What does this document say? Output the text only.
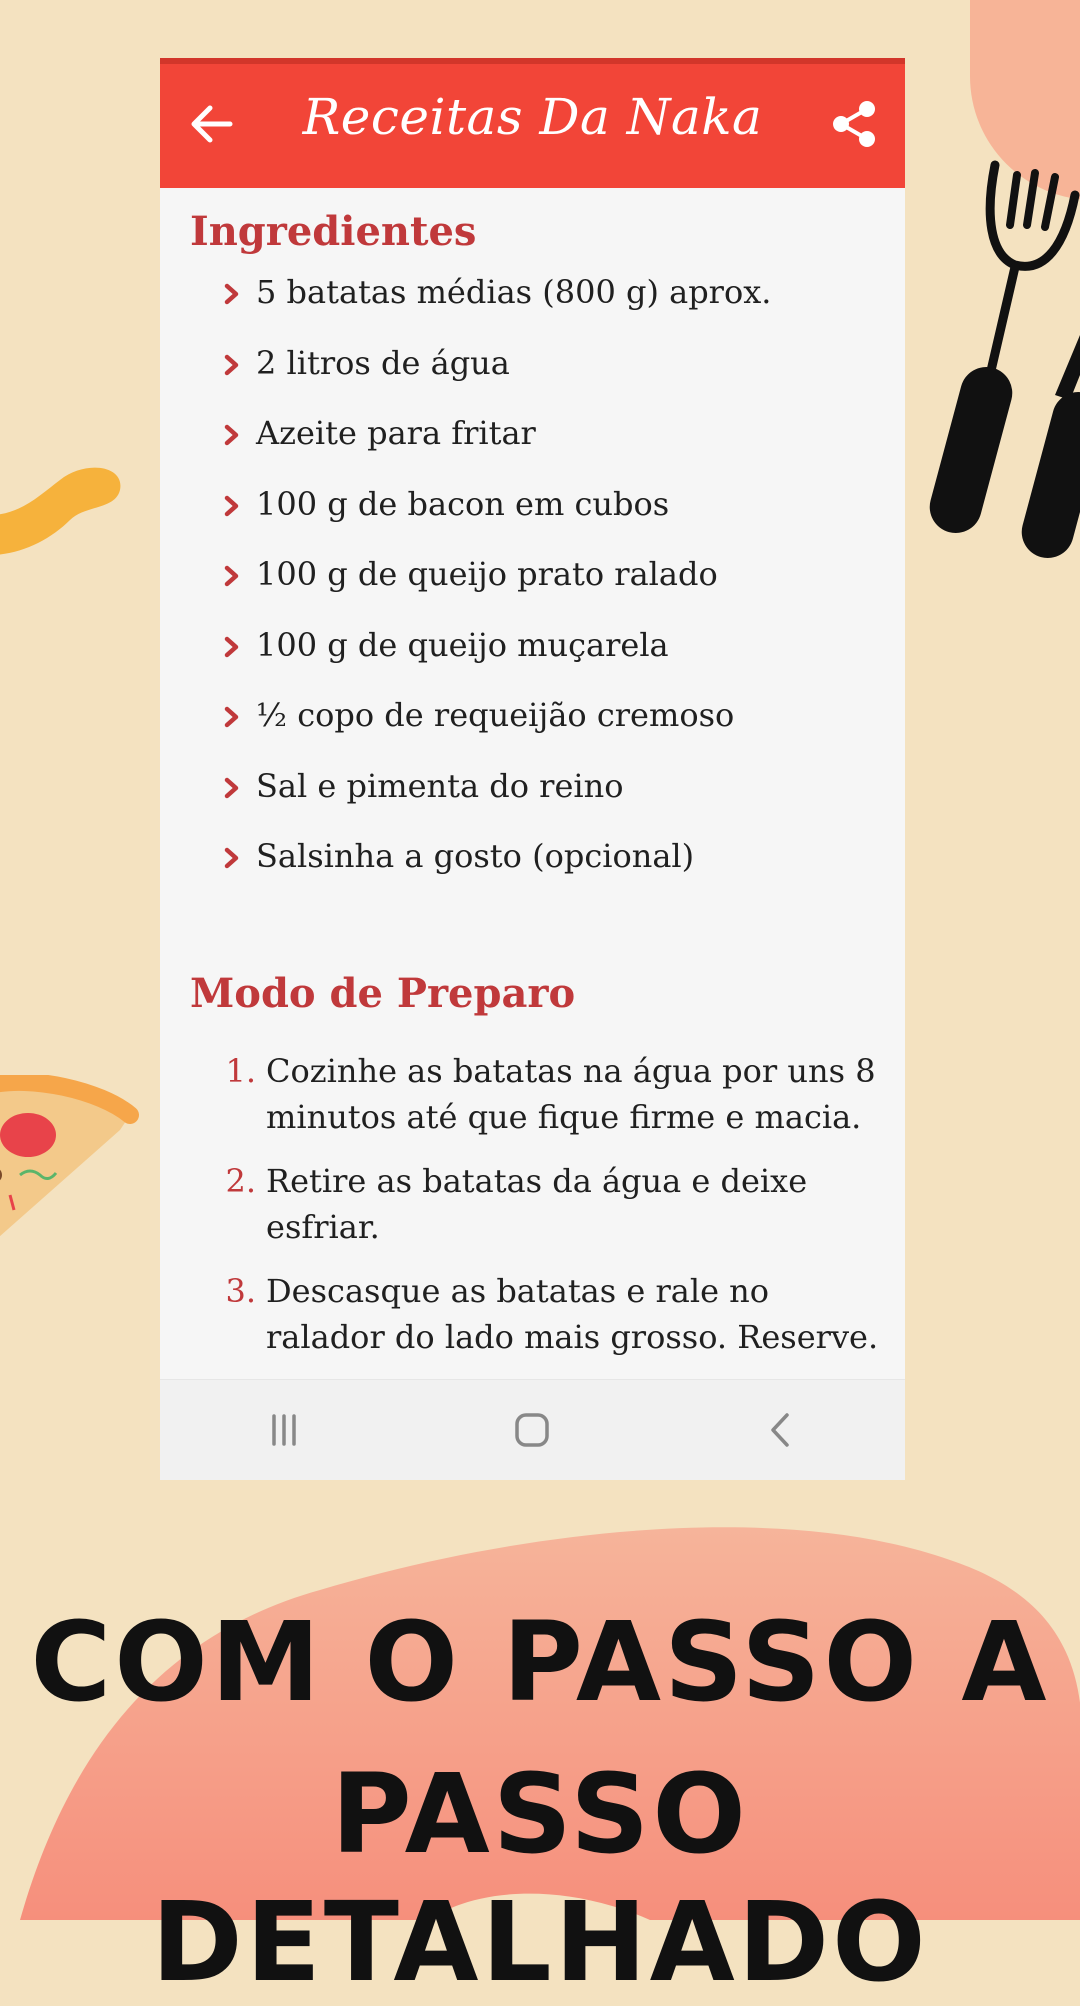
Receitas Da Naka
Ingredientes
5 batatas médias (800 g) aprox.
2 litros de água
Azeite para fritar
100 g de bacon em cubos
100 g de queijo prato ralado
100 g de queijo muçarela
½ copo de requeijão cremoso
Sal e pimenta do reino
Salsinha a gosto (opcional)
Modo de Preparo
1. Cozinhe as batatas na água por uns 8 minutos até que fique firme e macia.
2. Retire as batatas da água e deixe esfriar.
3. Descasque as batatas e rale no ralador do lado mais grosso. Reserve.
COM O PASSO A
PASSO DETALHADO
